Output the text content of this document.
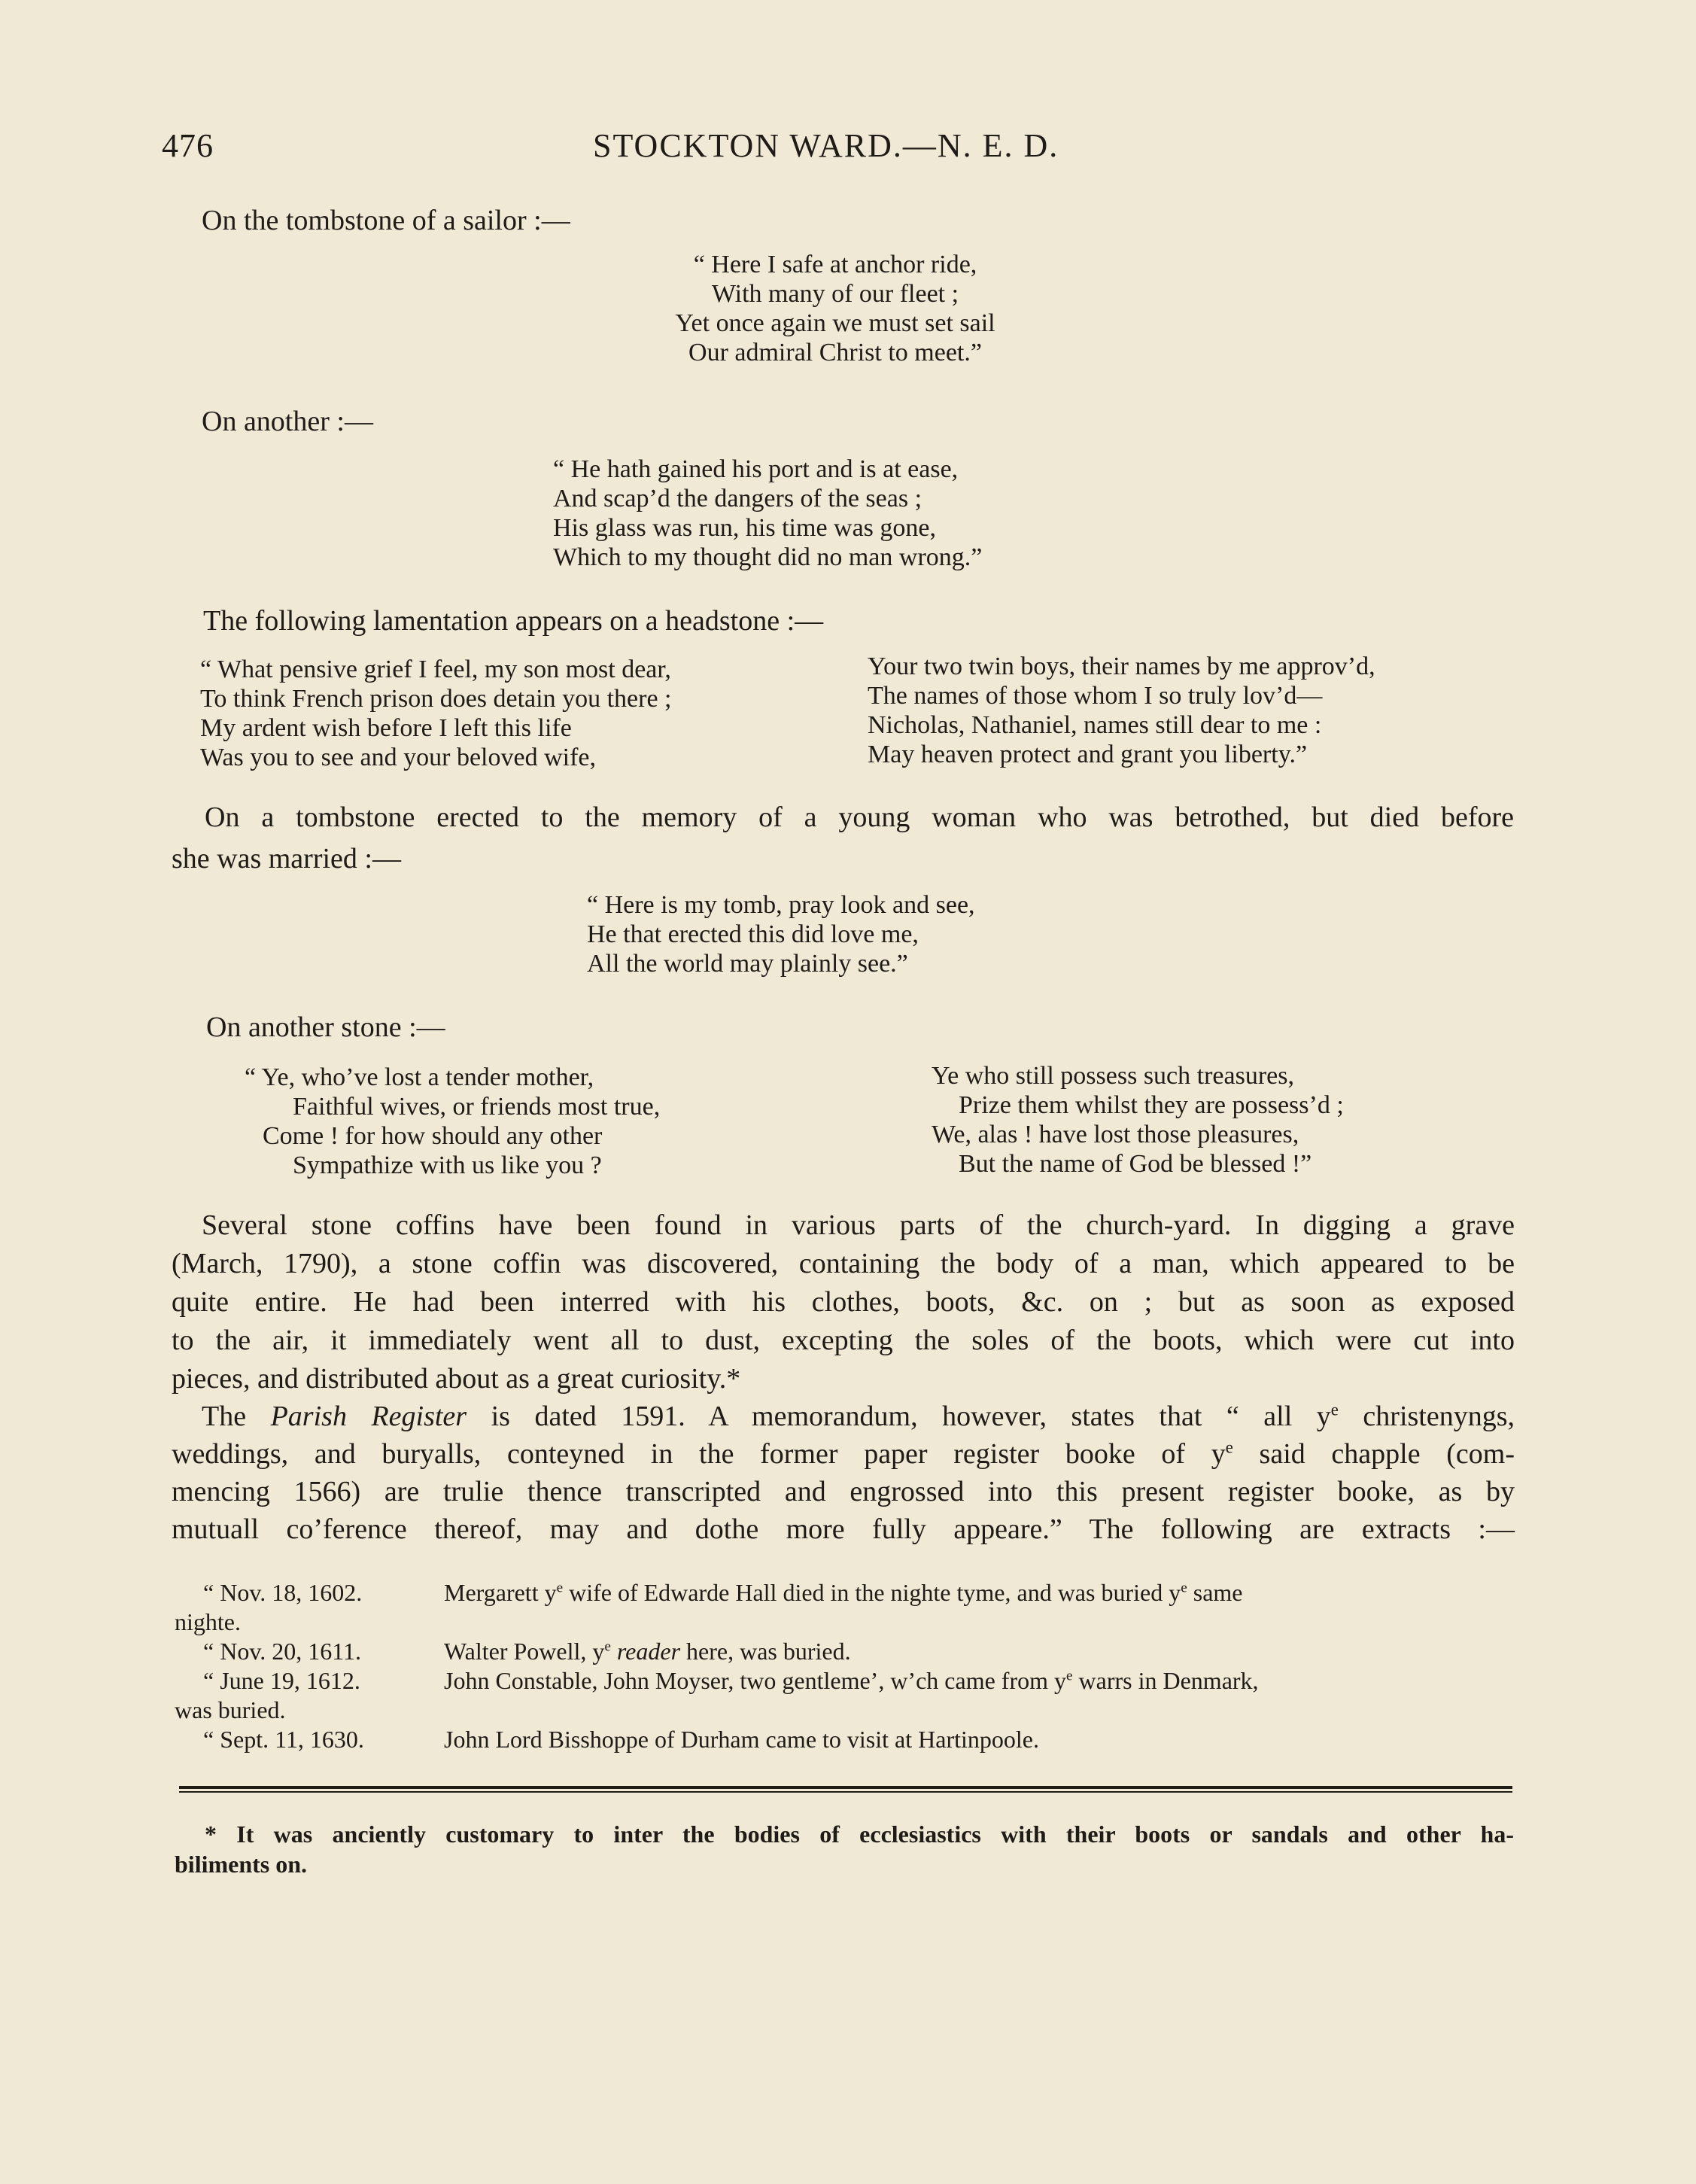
476	STOCKTON WARD.—N. E. D.
On the tombstone of a sailor :—
“ Here I safe at anchor ride,
With many of our fleet ;
Yet once again we must set sail
Our admiral Christ to meet.”
On another :—
“ He hath gained his port and is at ease,
And scap’d the dangers of the seas ;
His glass was run, his time was gone,
Which to my thought did no man wrong.”
The following lamentation appears on a headstone :—
“ What pensive grief I feel, my son most dear,
To think French prison does detain you there ;
My ardent wish before I left this life
Was you to see and your beloved wife,
Your two twin boys, their names by me approv’d,
The names of those whom I so truly lov’d—
Nicholas, Nathaniel, names still dear to me :
May heaven protect and grant you liberty.”
On a tombstone erected to the memory of a young woman who was betrothed, but died before
she was married :—
“ Here is my tomb, pray look and see,
He that erected this did love me,
All the world may plainly see.”
On another stone :—
“ Ye, who’ve lost a tender mother,
Faithful wives, or friends most true,
Come ! for how should any other
Sympathize with us like you ?
Ye who still possess such treasures,
Prize them whilst they are possess’d ;
We, alas ! have lost those pleasures,
But the name of God be blessed !”
Several stone coffins have been found in various parts of the church-yard. In digging a grave
(March, 1790), a stone coffin was discovered, containing the body of a man, which appeared to be
quite entire. He had been interred with his clothes, boots, &c. on ; but as soon as exposed
to the air, it immediately went all to dust, excepting the soles of the boots, which were cut into
pieces, and distributed about as a great curiosity.*
The Parish Register is dated 1591. A memorandum, however, states that “ all $y^e$ christenyngs,
weddings, and buryalls, conteyned in the former paper register booke of $y^e$ said chapple (com-
mencing 1566) are trulie thence transcripted and engrossed into this present register booke, as by
mutuall co’ference thereof, may and dothe more fully appeare.” The following are extracts :—
“ Nov. 18, 1602.	Mergarett $y^e$ wife of Edwarde Hall died in the nighte tyme, and was buried $y^e$ same
nighte.
“ Nov. 20, 1611.	Walter Powell, $y^e$ reader here, was buried.
“ June 19, 1612.	John Constable, John Moyser, two gentleme’, w’ch came from $y^e$ warrs in Denmark,
was buried.
“ Sept. 11, 1630.	John Lord Bisshoppe of Durham came to visit at Hartinpoole.
* It was anciently customary to inter the bodies of ecclesiastics with their boots or sandals and other ha-
biliments on.
